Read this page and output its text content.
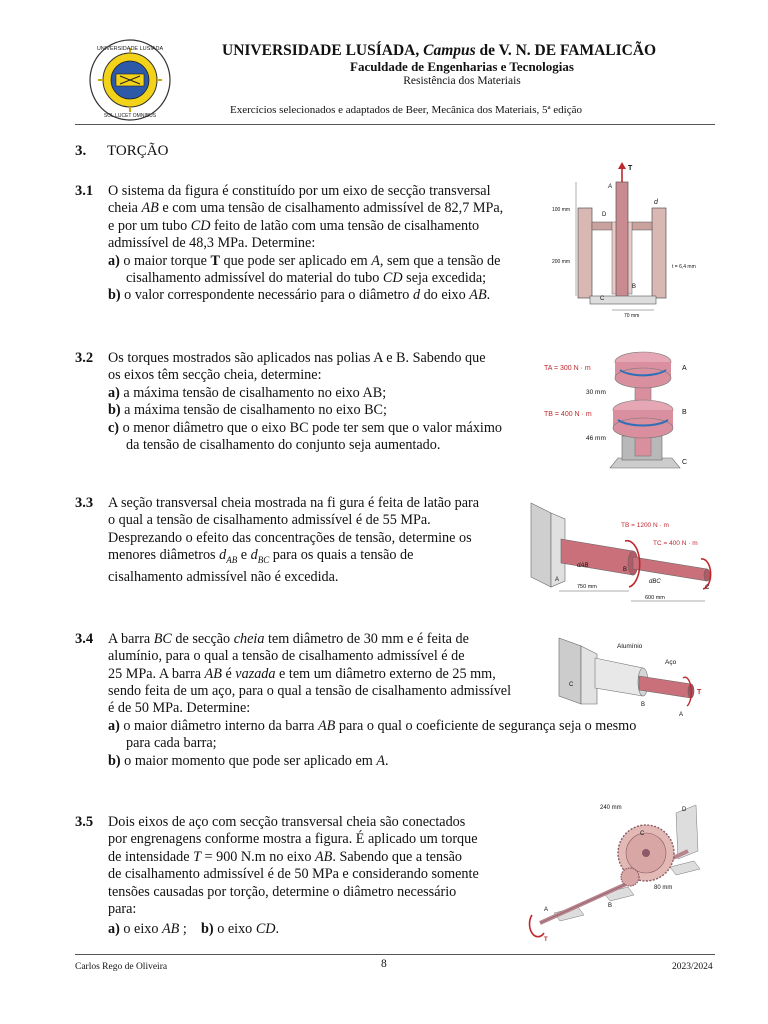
UNIVERSIDADE LUSÍADA
SOL LUCET OMNIBUS
UNIVERSIDADE LUSÍADA, Campus de V. N. DE FAMALICÃO
Faculdade de Engenharias e Tecnologias
Resistência dos Materiais
Exercícios selecionados e adaptados de Beer, Mecânica dos Materiais, 5ª edição
3. TORÇÃO
3.1 O sistema da figura é constituído por um eixo de secção transversal

cheia AB e com uma tensão de cisalhamento admissível de 82,7 MPa,

e por um tubo CD feito de latão com uma tensão de cisalhamento

admissível de 48,3 MPa. Determine:

a) o maior torque T que pode ser aplicado em A, sem que a tensão de
cisalhamento admissível do material do tubo CD seja excedida;

b) o valor correspondente necessário para o diâmetro d do eixo AB.

T
A
d
D
B
C
100 mm
200 mm
t = 6,4 mm
70 mm
3.2 Os torques mostrados são aplicados nas polias A e B. Sabendo que

os eixos têm secção cheia, determine:

a) a máxima tensão de cisalhamento no eixo AB;

b) a máxima tensão de cisalhamento no eixo BC;

c) o menor diâmetro que o eixo BC pode ter sem que o valor máximo
da tensão de cisalhamento do conjunto seja aumentado.

TA = 300 N · m
TB = 400 N · m
30 mm
46 mm
A
B
C
3.3 A seção transversal cheia mostrada na fi gura é feita de latão para

o qual a tensão de cisalhamento admissível é de 55 MPa.

Desprezando o efeito das concentrações de tensão, determine os

menores diâmetros $d_{AB}$ e $d_{BC}$ para os quais a tensão de

cisalhamento admissível não é excedida.

TB = 1200 N · m
TC = 400 N · m
dAB
dBC
A
B
C
750 mm
600 mm
3.4 A barra BC de secção cheia tem diâmetro de 30 mm e é feita de

alumínio, para o qual a tensão de cisalhamento admissível é de

25 MPa. A barra AB é vazada e tem um diâmetro externo de 25 mm,

sendo feita de um aço, para o qual a tensão de cisalhamento admissível

é de 50 MPa. Determine:

a) o maior diâmetro interno da barra AB para o qual o coeficiente de segurança seja o mesmo
para cada barra;

b) o maior momento que pode ser aplicado em A.

Alumínio
Aço
C
B
A
T
3.5 Dois eixos de aço com secção transversal cheia são conectados

por engrenagens conforme mostra a figura. É aplicado um torque

de intensidade T = 900 N.m no eixo AB. Sabendo que a tensão

de cisalhamento admissível é de 50 MPa e considerando somente

tensões causadas por torção, determine o diâmetro necessário

para:

a) o eixo AB ; b) o eixo CD.

240 mm
80 mm
A
B
C
D
T
Carlos Rego de Oliveira	8	2023/2024
